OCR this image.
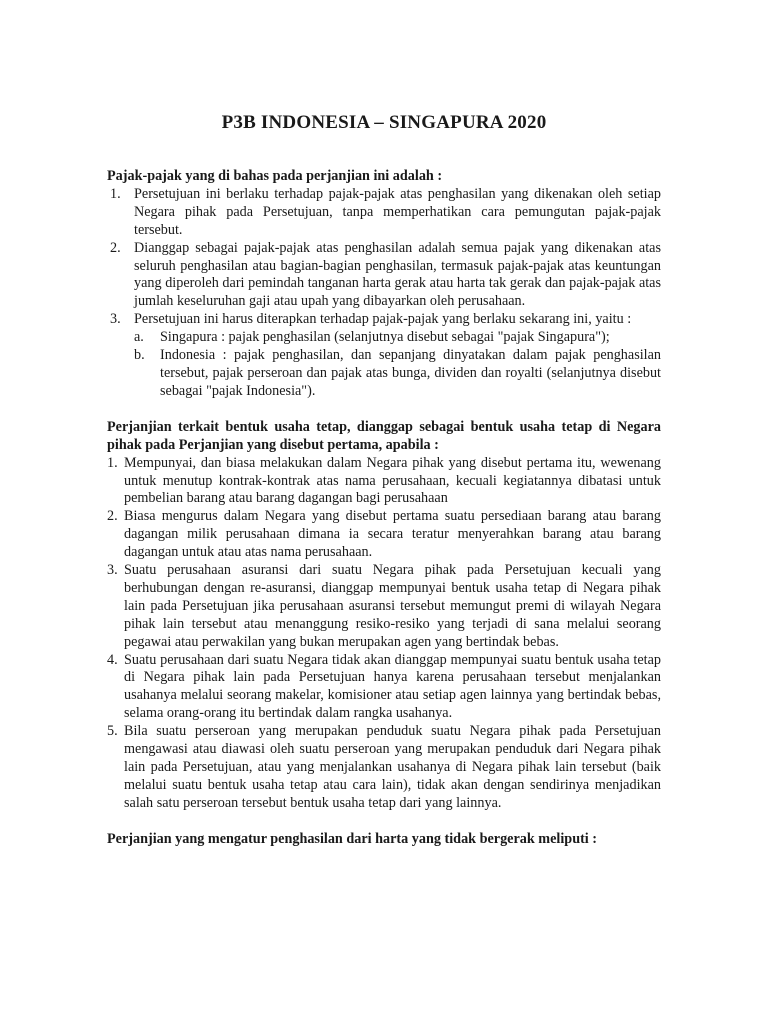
P3B INDONESIA – SINGAPURA 2020
Pajak-pajak yang di bahas pada perjanjian ini adalah :
1. Persetujuan ini berlaku terhadap pajak-pajak atas penghasilan yang dikenakan oleh setiap Negara pihak pada Persetujuan, tanpa memperhatikan cara pemungutan pajak-pajak tersebut.
2. Dianggap sebagai pajak-pajak atas penghasilan adalah semua pajak yang dikenakan atas seluruh penghasilan atau bagian-bagian penghasilan, termasuk pajak-pajak atas keuntungan yang diperoleh dari pemindah tanganan harta gerak atau harta tak gerak dan pajak-pajak atas jumlah keseluruhan gaji atau upah yang dibayarkan oleh perusahaan.
3. Persetujuan ini harus diterapkan terhadap pajak-pajak yang berlaku sekarang ini, yaitu :
a. Singapura : pajak penghasilan (selanjutnya disebut sebagai "pajak Singapura");
b. Indonesia : pajak penghasilan, dan sepanjang dinyatakan dalam pajak penghasilan tersebut, pajak perseroan dan pajak atas bunga, dividen dan royalti (selanjutnya disebut sebagai "pajak Indonesia").
Perjanjian terkait bentuk usaha tetap, dianggap sebagai bentuk usaha tetap di Negara pihak pada Perjanjian yang disebut pertama, apabila :
1. Mempunyai, dan biasa melakukan dalam Negara pihak yang disebut pertama itu, wewenang untuk menutup kontrak-kontrak atas nama perusahaan, kecuali kegiatannya dibatasi untuk pembelian barang atau barang dagangan bagi perusahaan
2. Biasa mengurus dalam Negara yang disebut pertama suatu persediaan barang atau barang dagangan milik perusahaan dimana ia secara teratur menyerahkan barang atau barang dagangan untuk atau atas nama perusahaan.
3. Suatu perusahaan asuransi dari suatu Negara pihak pada Persetujuan kecuali yang berhubungan dengan re-asuransi, dianggap mempunyai bentuk usaha tetap di Negara pihak lain pada Persetujuan jika perusahaan asuransi tersebut memungut premi di wilayah Negara pihak lain tersebut atau menanggung resiko-resiko yang terjadi di sana melalui seorang pegawai atau perwakilan yang bukan merupakan agen yang bertindak bebas.
4. Suatu perusahaan dari suatu Negara tidak akan dianggap mempunyai suatu bentuk usaha tetap di Negara pihak lain pada Persetujuan hanya karena perusahaan tersebut menjalankan usahanya melalui seorang makelar, komisioner atau setiap agen lainnya yang bertindak bebas, selama orang-orang itu bertindak dalam rangka usahanya.
5. Bila suatu perseroan yang merupakan penduduk suatu Negara pihak pada Persetujuan mengawasi atau diawasi oleh suatu perseroan yang merupakan penduduk dari Negara pihak lain pada Persetujuan, atau yang menjalankan usahanya di Negara pihak lain tersebut (baik melalui suatu bentuk usaha tetap atau cara lain), tidak akan dengan sendirinya menjadikan salah satu perseroan tersebut bentuk usaha tetap dari yang lainnya.
Perjanjian yang mengatur penghasilan dari harta yang tidak bergerak meliputi :
